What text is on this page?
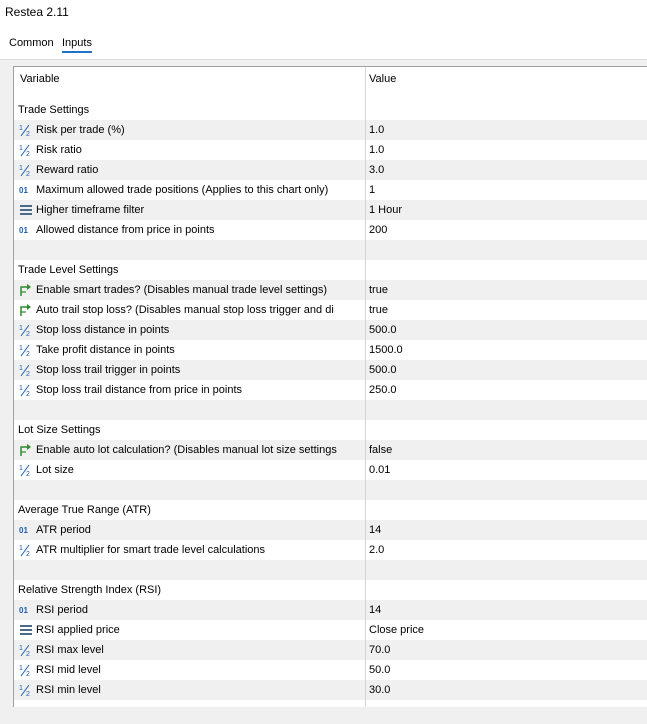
Restea 2.11
Common Inputs
Variable	Value
Trade Settings
1
2 Risk per trade (%)	1.0
1
2 Risk ratio	1.0
1
2 Reward ratio	3.0
01 Maximum allowed trade positions (Applies to this chart only)	1
Higher timeframe filter	1 Hour
01 Allowed distance from price in points	200
Trade Level Settings
Enable smart trades? (Disables manual trade level settings)	true
Auto trail stop loss? (Disables manual stop loss trigger and di	true
1
2 Stop loss distance in points	500.0
1
2 Take profit distance in points	1500.0
1
2 Stop loss trail trigger in points	500.0
1
2 Stop loss trail distance from price in points	250.0
Lot Size Settings
Enable auto lot calculation? (Disables manual lot size settings	false
1
2 Lot size	0.01
Average True Range (ATR)
01 ATR period	14
1
2 ATR multiplier for smart trade level calculations	2.0
Relative Strength Index (RSI)
01 RSI period	14
RSI applied price	Close price
1
2 RSI max level	70.0
1
2 RSI mid level	50.0
1
2 RSI min level	30.0
